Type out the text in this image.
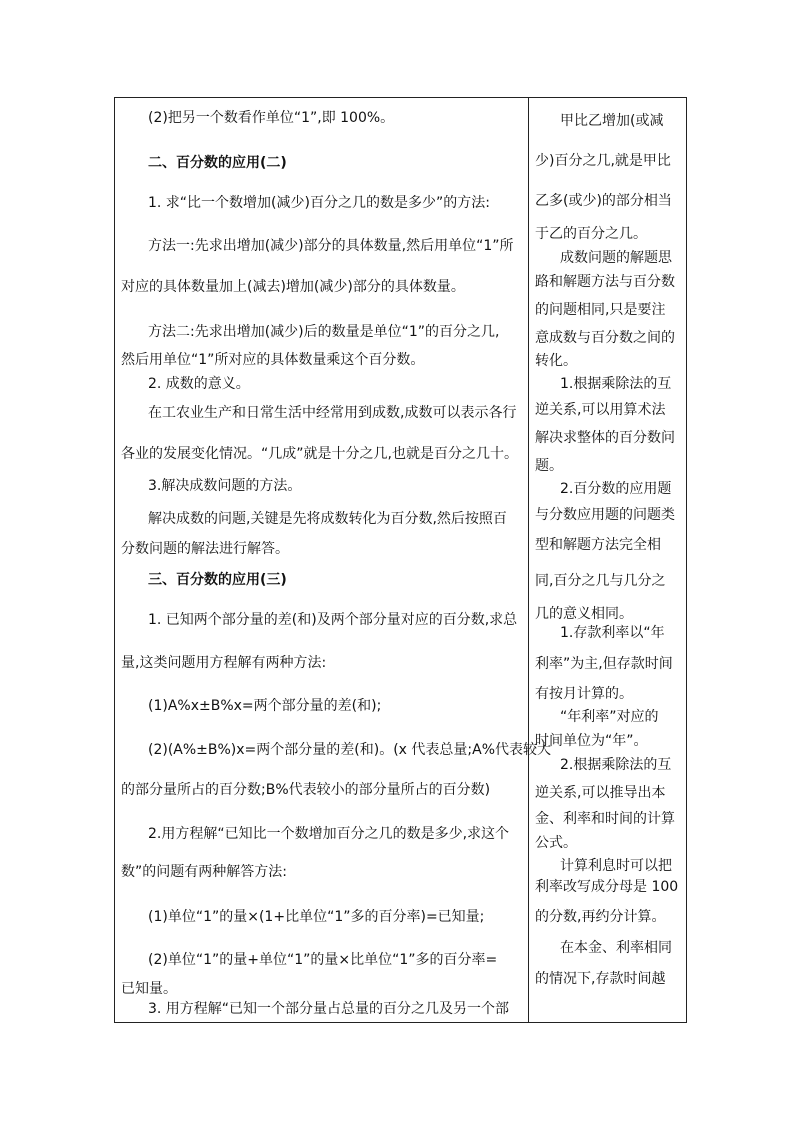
(2)把另一个数看作单位“1”,即 100%。
二、百分数的应用(二)
1. 求“比一个数增加(减少)百分之几的数是多少”的方法:
方法一:先求出增加(减少)部分的具体数量,然后用单位“1”所
对应的具体数量加上(减去)增加(减少)部分的具体数量。
方法二:先求出增加(减少)后的数量是单位“1”的百分之几,
然后用单位“1”所对应的具体数量乘这个百分数。
2. 成数的意义。
在工农业生产和日常生活中经常用到成数,成数可以表示各行
各业的发展变化情况。“几成”就是十分之几,也就是百分之几十。
3.解决成数问题的方法。
解决成数的问题,关键是先将成数转化为百分数,然后按照百
分数问题的解法进行解答。
三、百分数的应用(三)
1. 已知两个部分量的差(和)及两个部分量对应的百分数,求总
量,这类问题用方程解有两种方法:
(1)A%x±B%x=两个部分量的差(和);
(2)(A%±B%)x=两个部分量的差(和)。(x 代表总量;A%代表较大
的部分量所占的百分数;B%代表较小的部分量所占的百分数)
2.用方程解“已知比一个数增加百分之几的数是多少,求这个
数”的问题有两种解答方法:
(1)单位“1”的量×(1+比单位“1”多的百分率)=已知量;
(2)单位“1”的量+单位“1”的量×比单位“1”多的百分率=
已知量。
3. 用方程解“已知一个部分量占总量的百分之几及另一个部
甲比乙增加(或减
少)百分之几,就是甲比
乙多(或少)的部分相当
于乙的百分之几。
成数问题的解题思
路和解题方法与百分数
的问题相同,只是要注
意成数与百分数之间的
转化。
1.根据乘除法的互
逆关系,可以用算术法
解决求整体的百分数问
题。
2.百分数的应用题
与分数应用题的问题类
型和解题方法完全相
同,百分之几与几分之
几的意义相同。
1.存款利率以“年
利率”为主,但存款时间
有按月计算的。
“年利率”对应的
时间单位为“年”。
2.根据乘除法的互
逆关系,可以推导出本
金、利率和时间的计算
公式。
计算利息时可以把
利率改写成分母是 100
的分数,再约分计算。
在本金、利率相同
的情况下,存款时间越
